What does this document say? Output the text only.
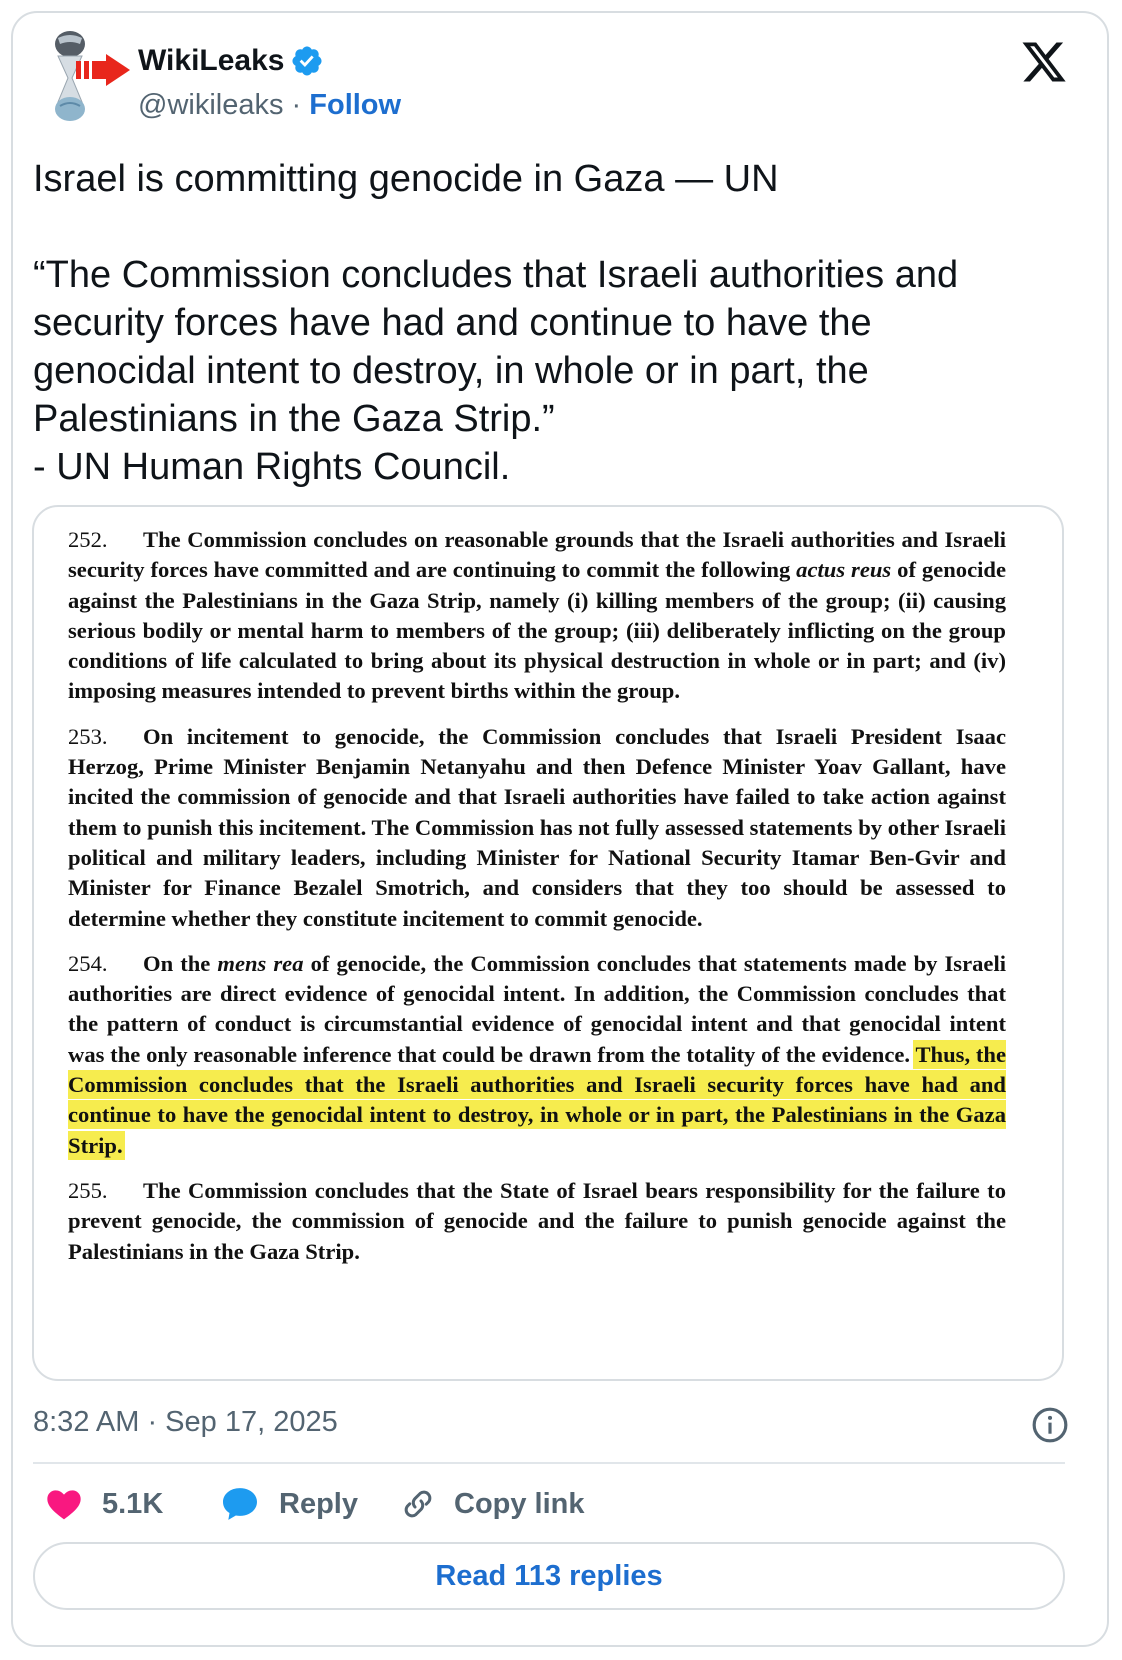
WikiLeaks
@wikileaks · Follow

Israel is committing genocide in Gaza — UN

“The Commission concludes that Israeli authorities and security forces have had and continue to have the genocidal intent to destroy, in whole or in part, the Palestinians in the Gaza Strip.”
- UN Human Rights Council.

252. The Commission concludes on reasonable grounds that the Israeli authorities and Israeli security forces have committed and are continuing to commit the following actus reus of genocide against the Palestinians in the Gaza Strip, namely (i) killing members of the group; (ii) causing serious bodily or mental harm to members of the group; (iii) deliberately inflicting on the group conditions of life calculated to bring about its physical destruction in whole or in part; and (iv) imposing measures intended to prevent births within the group.

253. On incitement to genocide, the Commission concludes that Israeli President Isaac Herzog, Prime Minister Benjamin Netanyahu and then Defence Minister Yoav Gallant, have incited the commission of genocide and that Israeli authorities have failed to take action against them to punish this incitement. The Commission has not fully assessed statements by other Israeli political and military leaders, including Minister for National Security Itamar Ben-Gvir and Minister for Finance Bezalel Smotrich, and considers that they too should be assessed to determine whether they constitute incitement to commit genocide.

254. On the mens rea of genocide, the Commission concludes that statements made by Israeli authorities are direct evidence of genocidal intent. In addition, the Commission concludes that the pattern of conduct is circumstantial evidence of genocidal intent and that genocidal intent was the only reasonable inference that could be drawn from the totality of the evidence. Thus, the Commission concludes that the Israeli authorities and Israeli security forces have had and continue to have the genocidal intent to destroy, in whole or in part, the Palestinians in the Gaza Strip.

255. The Commission concludes that the State of Israel bears responsibility for the failure to prevent genocide, the commission of genocide and the failure to punish genocide against the Palestinians in the Gaza Strip.

8:32 AM · Sep 17, 2025
5.1K	Reply	Copy link
Read 113 replies
